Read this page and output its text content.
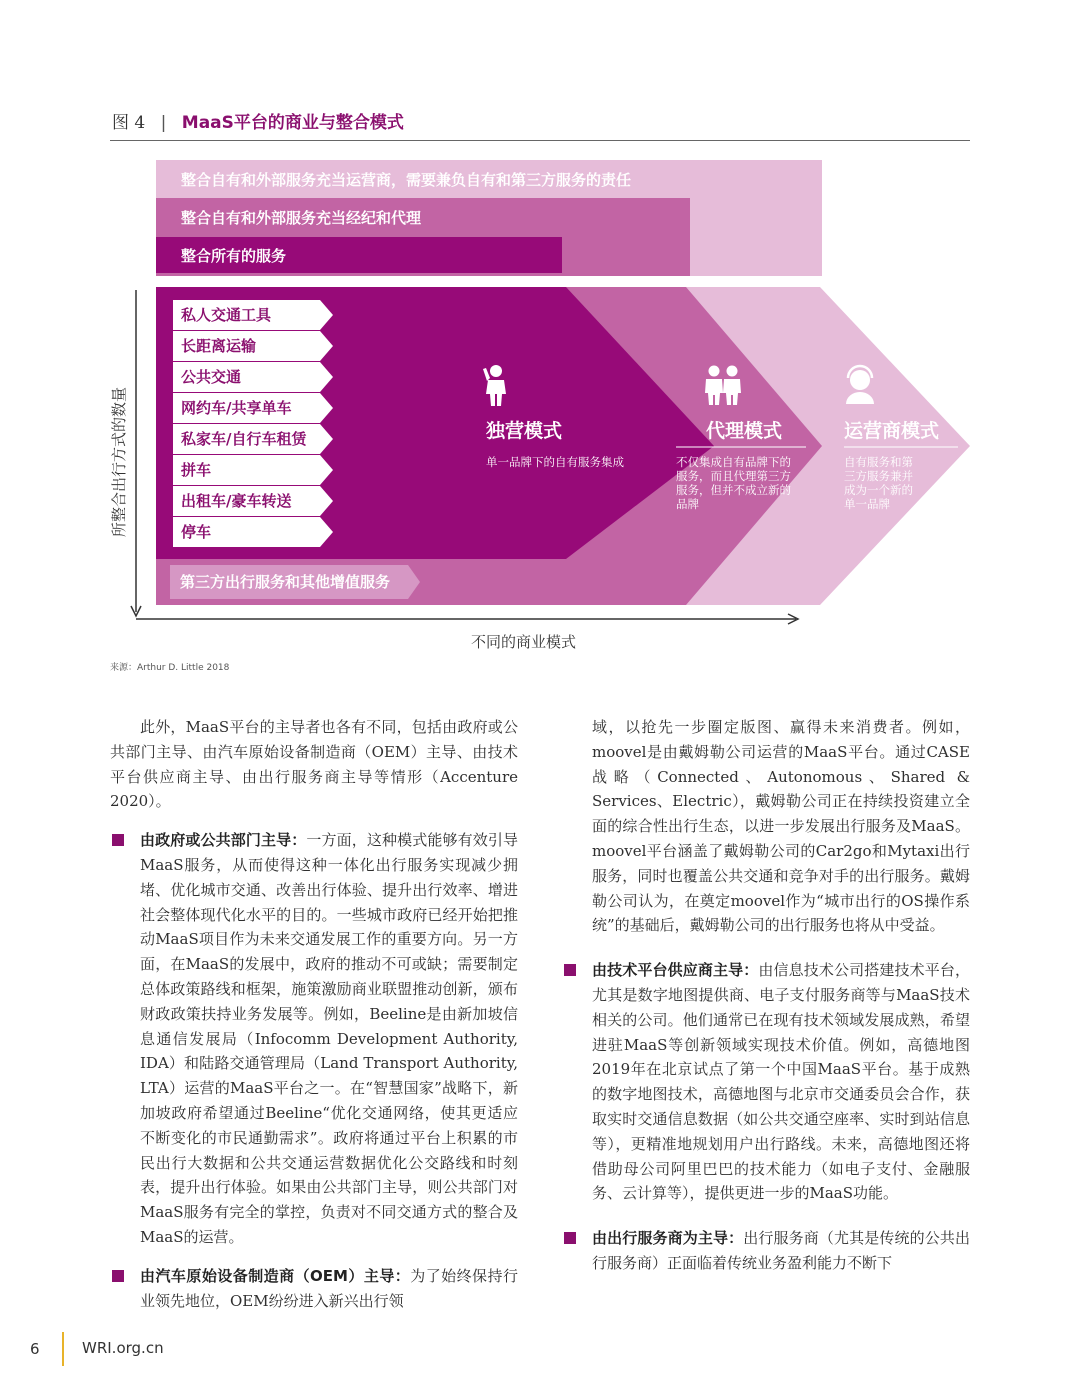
图 4 | MaaS平台的商业与整合模式
整合自有和外部服务充当运营商，需要兼负自有和第三方服务的责任
整合自有和外部服务充当经纪和代理
整合所有的服务
私人交通工具
长距离运输
公共交通
网约车/共享单车
私家车/自行车租赁
拼车
出租车/豪车转送
停车
第三方出行服务和其他增值服务
独营模式
单一品牌下的自有服务集成
代理模式
不仅集成自有品牌下的服务，而且代理第三方服务，但并不成立新的品牌
运营商模式
自有服务和第三方服务兼并成为一个新的单一品牌
所整合出行方式的数量
不同的商业模式
来源：Arthur D. Little 2018

此外，MaaS平台的主导者也各有不同，包括由政府或公共部门主导、由汽车原始设备制造商（OEM）主导、由技术平台供应商主导、由出行服务商主导等情形（Accenture 2020）。

由政府或公共部门主导：一方面，这种模式能够有效引导MaaS服务，从而使得这种一体化出行服务实现减少拥堵、优化城市交通、改善出行体验、提升出行效率、增进社会整体现代化水平的目的。一些城市政府已经开始把推动MaaS项目作为未来交通发展工作的重要方向。另一方面，在MaaS的发展中，政府的推动不可或缺；需要制定总体政策路线和框架，施策激励商业联盟推动创新，颁布财政政策扶持业务发展等。例如，Beeline是由新加坡信息通信发展局（Infocomm Development Authority, IDA）和陆路交通管理局（Land Transport Authority, LTA）运营的MaaS平台之一。在“智慧国家”战略下，新加坡政府希望通过Beeline“优化交通网络，使其更适应不断变化的市民通勤需求”。政府将通过平台上积累的市民出行大数据和公共交通运营数据优化公交路线和时刻表，提升出行体验。如果由公共部门主导，则公共部门对MaaS服务有完全的掌控，负责对不同交通方式的整合及MaaS的运营。

由汽车原始设备制造商（OEM）主导：为了始终保持行业领先地位，OEM纷纷进入新兴出行领

域，以抢先一步圈定版图、赢得未来消费者。例如，moovel是由戴姆勒公司运营的MaaS平台。通过CASE战略（Connected、Autonomous、Shared & Services、Electric），戴姆勒公司正在持续投资建立全面的综合性出行生态，以进一步发展出行服务及MaaS。moovel平台涵盖了戴姆勒公司的Car2go和Mytaxi出行服务，同时也覆盖公共交通和竞争对手的出行服务。戴姆勒公司认为，在奠定moovel作为“城市出行的OS操作系统”的基础后，戴姆勒公司的出行服务也将从中受益。

由技术平台供应商主导：由信息技术公司搭建技术平台，尤其是数字地图提供商、电子支付服务商等与MaaS技术相关的公司。他们通常已在现有技术领域发展成熟，希望进驻MaaS等创新领域实现技术价值。例如，高德地图2019年在北京试点了第一个中国MaaS平台。基于成熟的数字地图技术，高德地图与北京市交通委员会合作，获取实时交通信息数据（如公共交通空座率、实时到站信息等），更精准地规划用户出行路线。未来，高德地图还将借助母公司阿里巴巴的技术能力（如电子支付、金融服务、云计算等），提供更进一步的MaaS功能。

由出行服务商为主导：出行服务商（尤其是传统的公共出行服务商）正面临着传统业务盈利能力不断下

6	WRI.org.cn
